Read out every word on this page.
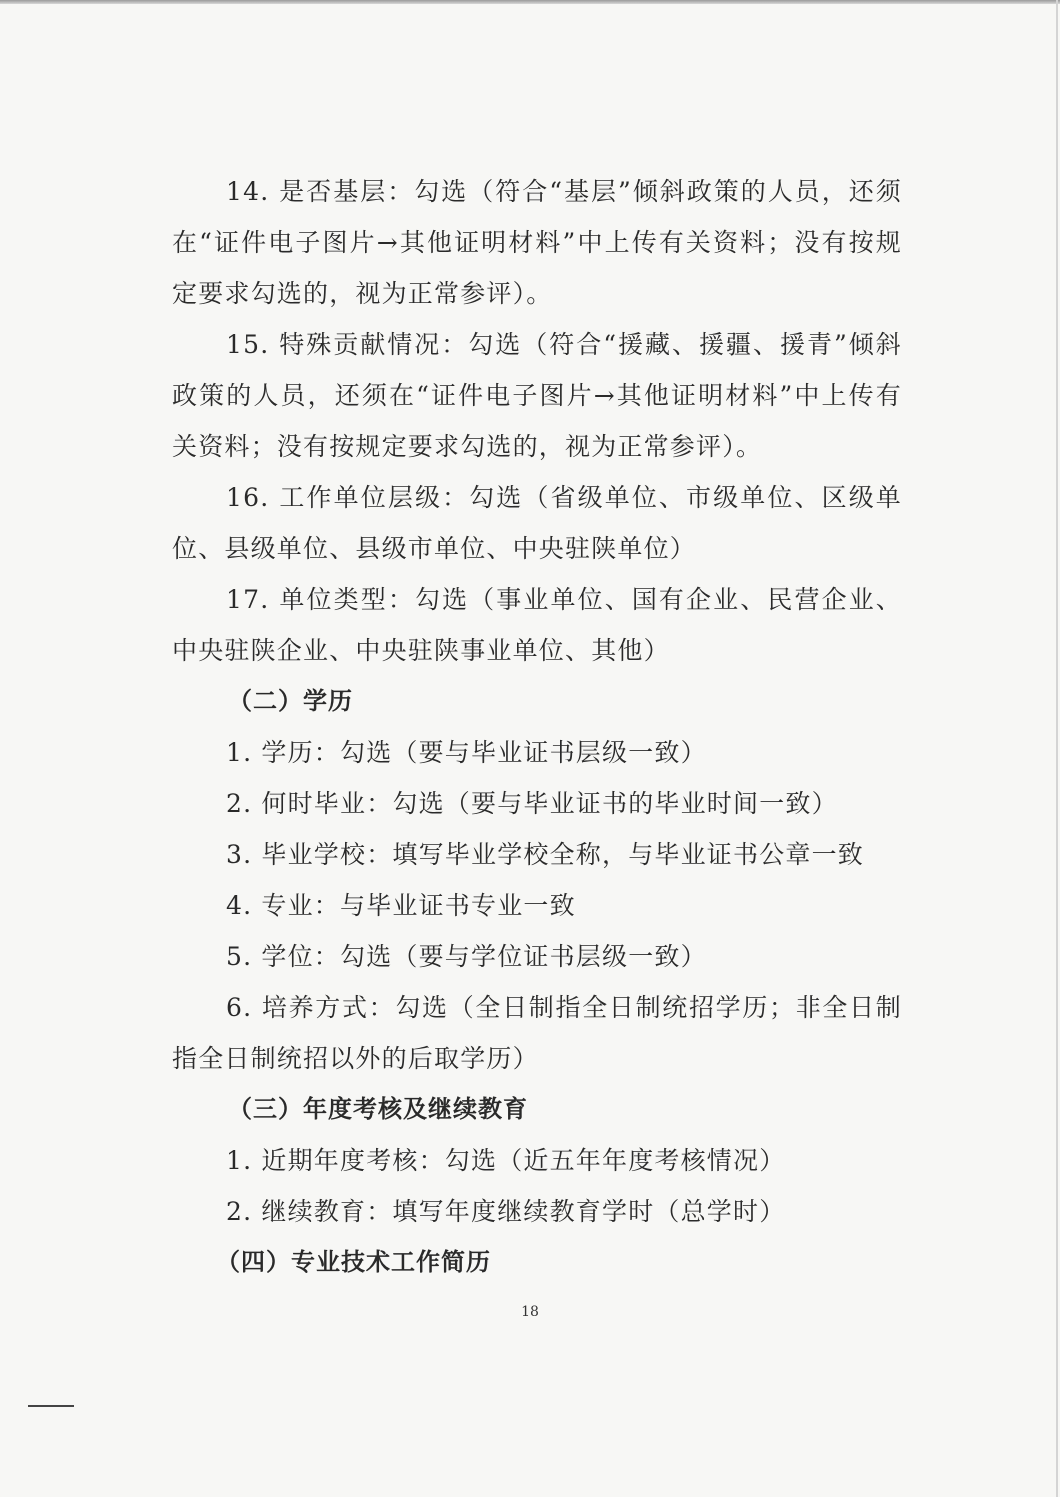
14. 是否基层：勾选（符合“基层”倾斜政策的人员，还须在“证件电子图片→其他证明材料”中上传有关资料；没有按规定要求勾选的，视为正常参评）。

15. 特殊贡献情况：勾选（符合“援藏、援疆、援青”倾斜政策的人员，还须在“证件电子图片→其他证明材料”中上传有关资料；没有按规定要求勾选的，视为正常参评）。

16. 工作单位层级：勾选（省级单位、市级单位、区级单位、县级单位、县级市单位、中央驻陕单位）

17. 单位类型：勾选（事业单位、国有企业、民营企业、中央驻陕企业、中央驻陕事业单位、其他）

（二）学历

1. 学历：勾选（要与毕业证书层级一致）

2. 何时毕业：勾选（要与毕业证书的毕业时间一致）

3. 毕业学校：填写毕业学校全称，与毕业证书公章一致

4. 专业：与毕业证书专业一致

5. 学位：勾选（要与学位证书层级一致）

6. 培养方式：勾选（全日制指全日制统招学历；非全日制指全日制统招以外的后取学历）

（三）年度考核及继续教育

1. 近期年度考核：勾选（近五年年度考核情况）

2. 继续教育：填写年度继续教育学时（总学时）

（四）专业技术工作简历

18
